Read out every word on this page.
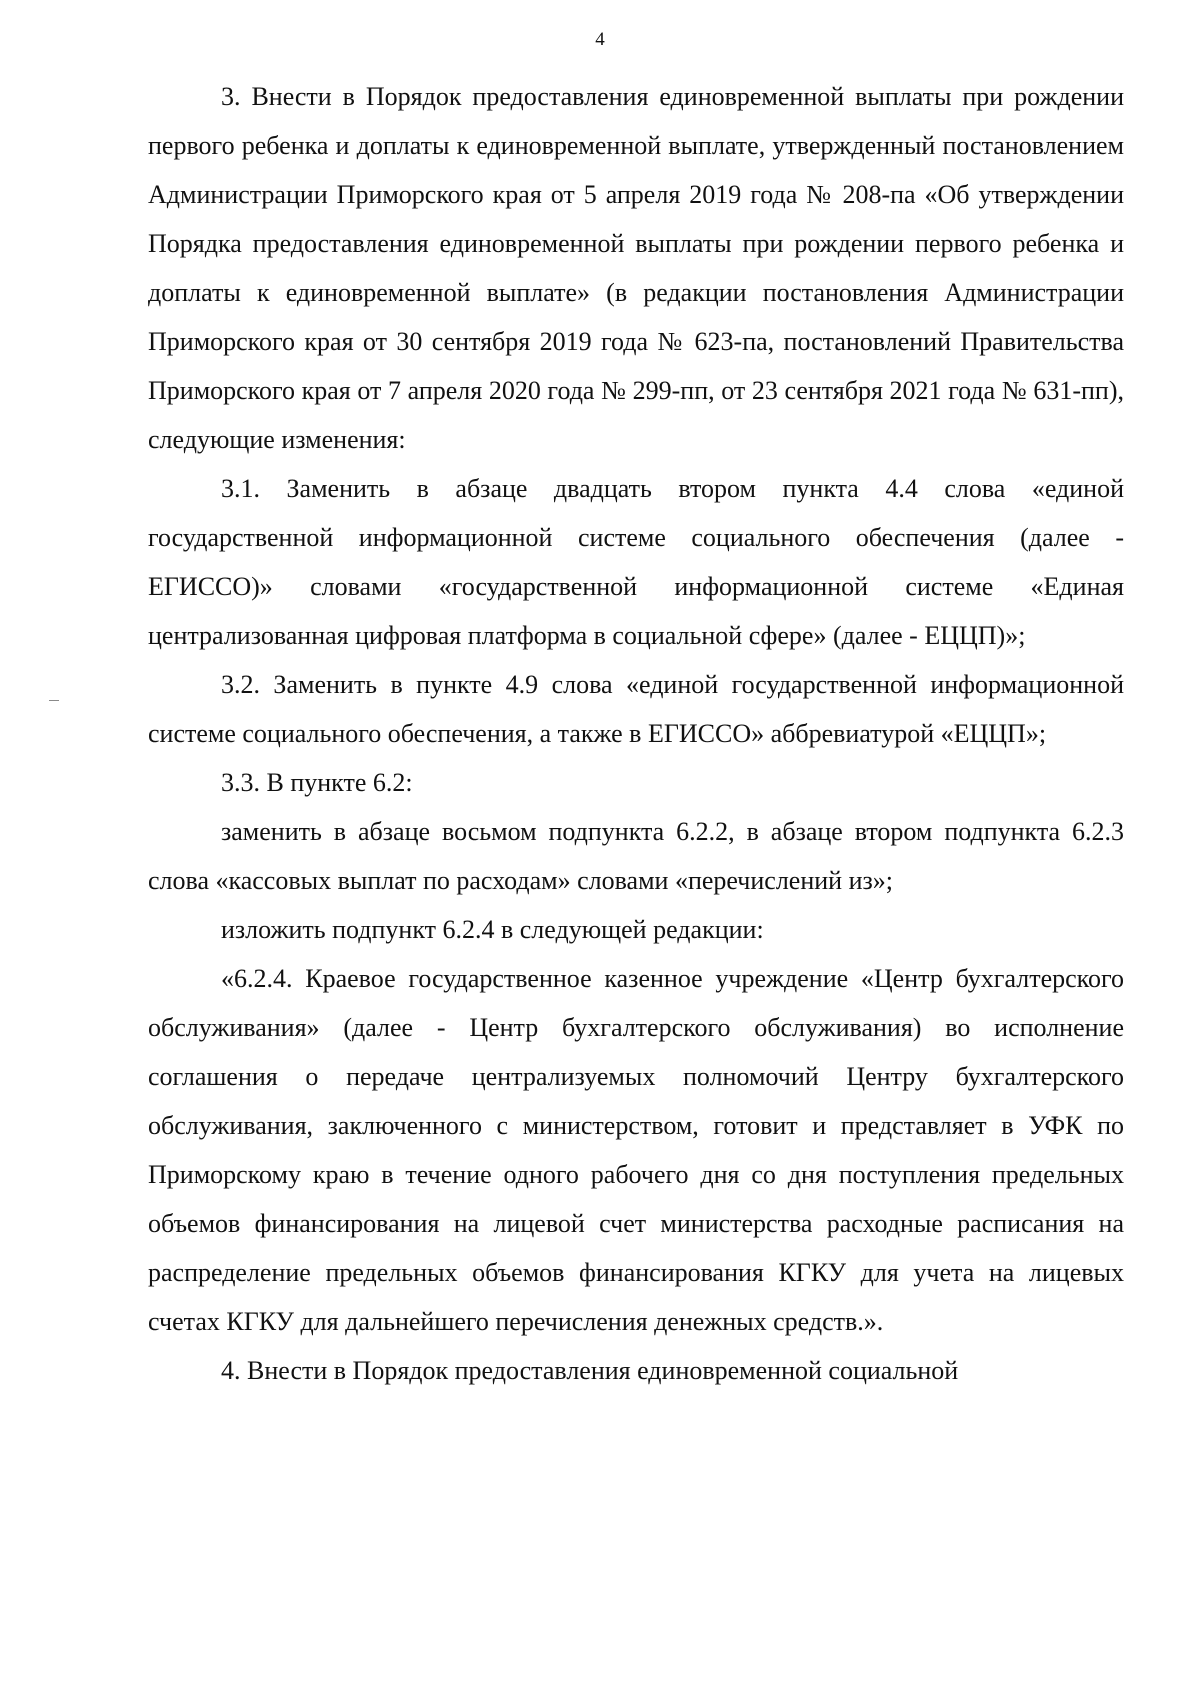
4

3. Внести в Порядок предоставления единовременной выплаты при рождении первого ребенка и доплаты к единовременной выплате, утвержденный постановлением Администрации Приморского края от 5 апреля 2019 года № 208-па «Об утверждении Порядка предоставления единовременной выплаты при рождении первого ребенка и доплаты к единовременной выплате» (в редакции постановления Администрации Приморского края от 30 сентября 2019 года № 623-па, постановлений Правительства Приморского края от 7 апреля 2020 года № 299-пп, от 23 сентября 2021 года № 631-пп), следующие изменения:

3.1. Заменить в абзаце двадцать втором пункта 4.4 слова «единой государственной информационной системе социального обеспечения (далее - ЕГИССО)» словами «государственной информационной системе «Единая централизованная цифровая платформа в социальной сфере» (далее - ЕЦЦП)»;

3.2. Заменить в пункте 4.9 слова «единой государственной информационной системе социального обеспечения, а также в ЕГИССО» аббревиатурой «ЕЦЦП»;

3.3. В пункте 6.2:

заменить в абзаце восьмом подпункта 6.2.2, в абзаце втором подпункта 6.2.3 слова «кассовых выплат по расходам» словами «перечислений из»;

изложить подпункт 6.2.4 в следующей редакции:

«6.2.4. Краевое государственное казенное учреждение «Центр бухгалтерского обслуживания» (далее - Центр бухгалтерского обслуживания) во исполнение соглашения о передаче централизуемых полномочий Центру бухгалтерского обслуживания, заключенного с министерством, готовит и представляет в УФК по Приморскому краю в течение одного рабочего дня со дня поступления предельных объемов финансирования на лицевой счет министерства расходные расписания на распределение предельных объемов финансирования КГКУ для учета на лицевых счетах КГКУ для дальнейшего перечисления денежных средств.».

4. Внести в Порядок предоставления единовременной социальной
